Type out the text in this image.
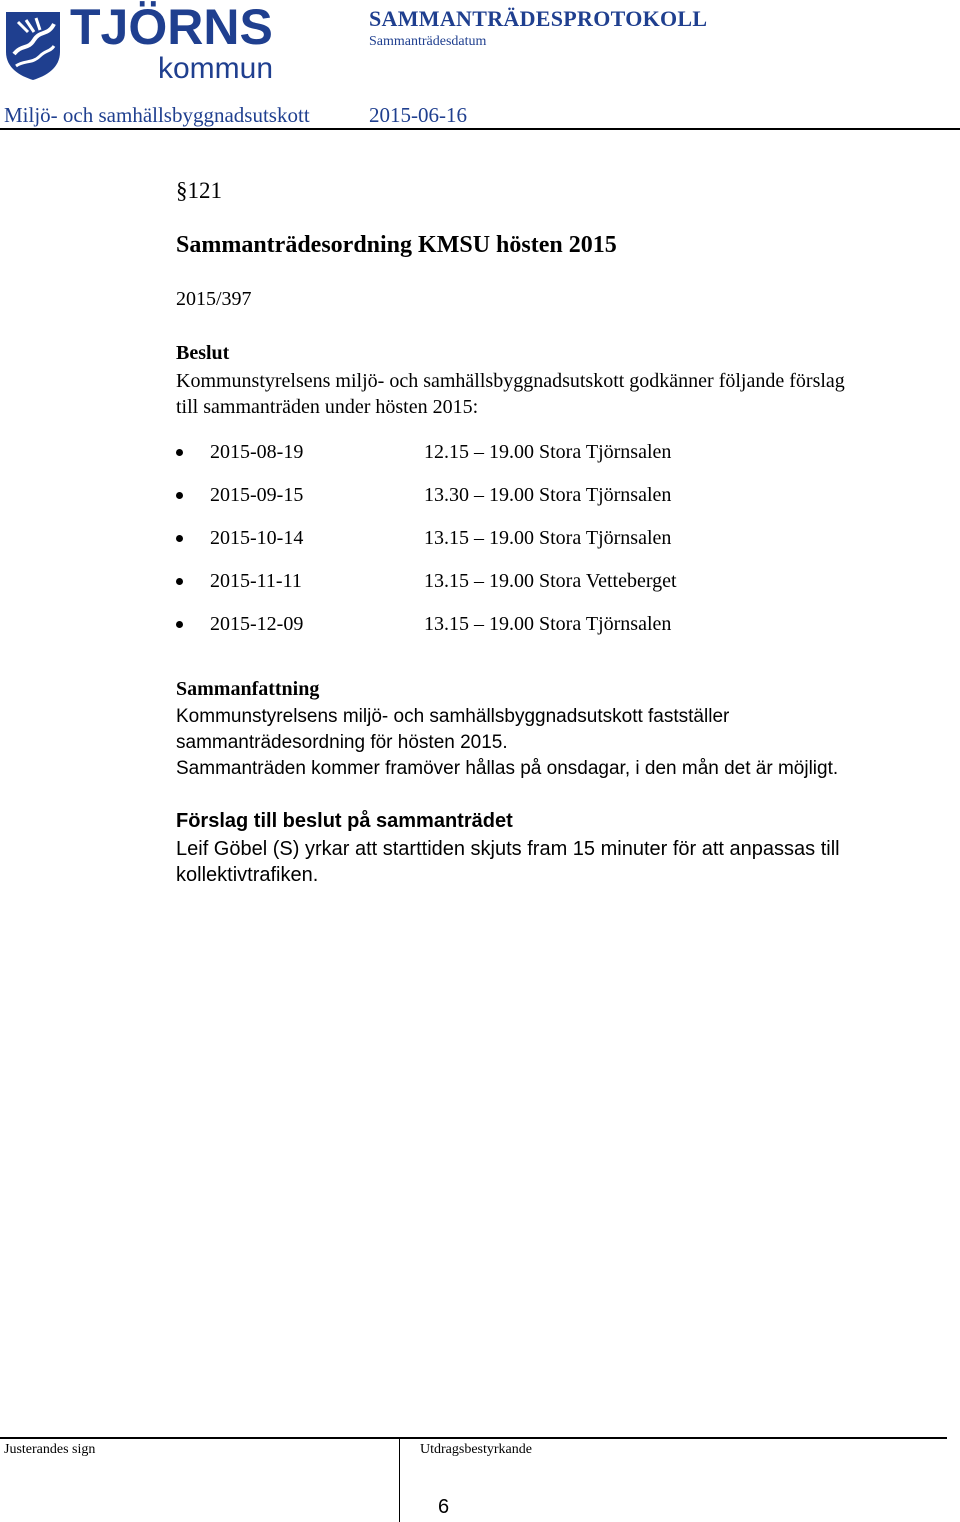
TJÖRNS
kommun
SAMMANTRÄDESPROTOKOLL
Sammanträdesdatum
Miljö- och samhällsbyggnadsutskott	2015-06-16
§121
Sammanträdesordning KMSU hösten 2015
2015/397
Beslut
Kommunstyrelsens miljö- och samhällsbyggnadsutskott godkänner följande förslag
till sammanträden under hösten 2015:
2015-08-19	12.15 – 19.00 Stora Tjörnsalen
2015-09-15	13.30 – 19.00 Stora Tjörnsalen
2015-10-14	13.15 – 19.00 Stora Tjörnsalen
2015-11-11	13.15 – 19.00 Stora Vetteberget
2015-12-09	13.15 – 19.00 Stora Tjörnsalen
Sammanfattning
Kommunstyrelsens miljö- och samhällsbyggnadsutskott fastställer
sammanträdesordning för hösten 2015.
Sammanträden kommer framöver hållas på onsdagar, i den mån det är möjligt.
Förslag till beslut på sammanträdet
Leif Göbel (S) yrkar att starttiden skjuts fram 15 minuter för att anpassas till
kollektivtrafiken.
Justerandes sign	Utdragsbestyrkande
6
